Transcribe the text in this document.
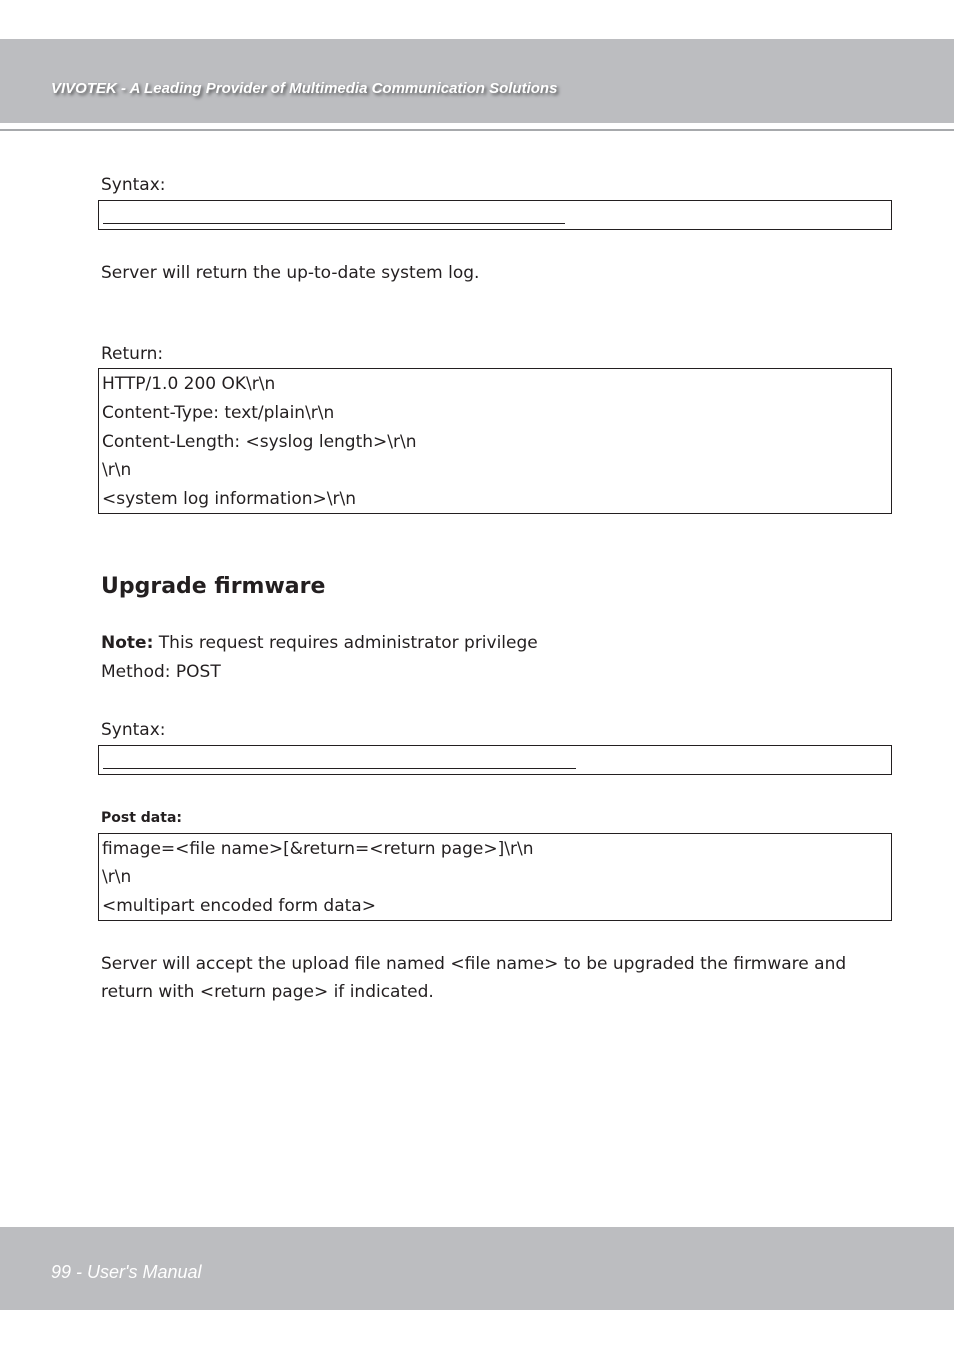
VIVOTEK - A Leading Provider of Multimedia Communication Solutions
Syntax:
Server will return the up-to-date system log.
Return:
HTTP/1.0 200 OK\r\n
Content-Type: text/plain\r\n
Content-Length: <syslog length>\r\n
\r\n
<system log information>\r\n
Upgrade firmware
Note: This request requires administrator privilege
Method: POST
Syntax:
Post data:
fimage=<file name>[&return=<return page>]\r\n
\r\n
<multipart encoded form data>
Server will accept the upload file named <file name> to be upgraded the firmware and
return with <return page> if indicated.
99 - User's Manual
